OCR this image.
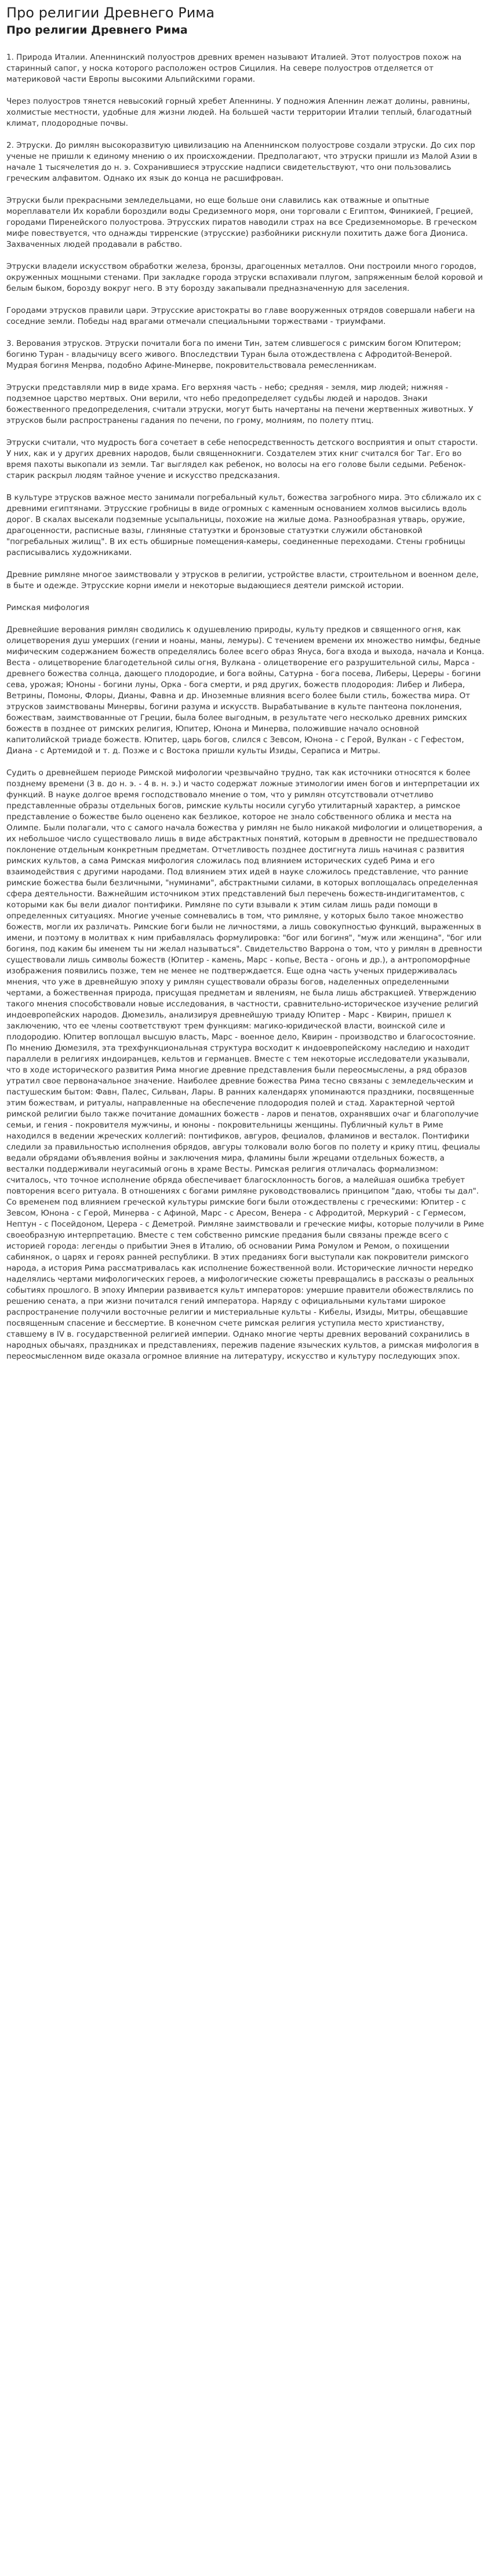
Про религии Древнего Рима
Про религии Древнего Рима

1. Природа Италии. Апеннинский полуостров древних времен называют Италией. Этот полуостров похож на старинный сапог, у носка которого расположен остров Сицилия. На севере полуостров отделяется от материковой части Европы высокими Альпийскими горами.

Через полуостров тянется невысокий горный хребет Апеннины. У подножия Апеннин лежат долины, равнины, холмистые местности, удобные для жизни людей. На большей части территории Италии теплый, благодатный климат, плодородные почвы.

2. Этруски. До римлян высокоразвитую цивилизацию на Апеннинском полуострове создали этруски. До сих пор ученые не пришли к единому мнению о их происхождении. Предполагают, что этруски пришли из Малой Азии в начале 1 тысячелетия до н. э. Сохранившиеся этрусские надписи свидетельствуют, что они пользовались греческим алфавитом. Однако их язык до конца не расшифрован.

Этруски были прекрасными земледельцами, но еще больше они славились как отважные и опытные мореплаватели Их корабли бороздили воды Средиземного моря, они торговали с Египтом, Финикией, Грецией, городами Пиренейского полуострова. Этрусских пиратов наводили страх на все Средиземноморье. В греческом мифе повествуется, что однажды тирренские (этрусские) разбойники рискнули похитить даже бога Диониса. Захваченных людей продавали в рабство.

Этруски владели искусством обработки железа, бронзы, драгоценных металлов. Они построили много городов, окруженных мощными стенами. При закладке города этруски вспахивали плугом, запряженным белой коровой и белым быком, борозду вокруг него. В эту борозду закапывали предназначенную для заселения.

Городами этрусков правили цари. Этрусские аристократы во главе вооруженных отрядов совершали набеги на соседние земли. Победы над врагами отмечали специальными торжествами - триумфами.

3. Верования этрусков. Этруски почитали бога по имени Тин, затем слившегося с римским богом Юпитером; богиню Туран - владычицу всего живого. Впоследствии Туран была отождествлена с Афродитой-Венерой. Мудрая богиня Менрва, подобно Афине-Минерве, покровительствовала ремесленникам.

Этруски представляли мир в виде храма. Его верхняя часть - небо; средняя - земля, мир людей; нижняя - подземное царство мертвых. Они верили, что небо предопределяет судьбы людей и народов. Знаки божественного предопределения, считали этруски, могут быть начертаны на печени жертвенных животных. У этрусков были распространены гадания по печени, по грому, молниям, по полету птиц.

Этруски считали, что мудрость бога сочетает в себе непосредственность детского восприятия и опыт старости. У них, как и у других древних народов, были священнокниги. Создателем этих книг считался бог Таг. Его во время пахоты выкопали из земли. Таг выглядел как ребенок, но волосы на его голове были седыми. Ребенок-старик раскрыл людям тайное учение и искусство предсказания.

В культуре этрусков важное место занимали погребальный культ, божества загробного мира. Это сближало их с древними египтянами. Этрусские гробницы в виде огромных с каменным основанием холмов высились вдоль дорог. В скалах высекали подземные усыпальницы, похожие на жилые дома. Разнообразная утварь, оружие, драгоценности, расписные вазы, глиняные статуэтки и бронзовые статуэтки служили обстановкой "погребальных жилищ". В их есть обширные помещения-камеры, соединенные переходами. Стены гробницы расписывались художниками.

Древние римляне многое заимствовали у этрусков в религии, устройстве власти, строительном и военном деле, в быте и одежде. Этрусские корни имели и некоторые выдающиеся деятели римской истории.

Римская мифология

Древнейшие верования римлян сводились к одушевлению природы, культу предков и священного огня, как олицетворения душ умерших (гении и ноаны, маны, лемуры). С течением времени их множество нимфы, бедные мифическим содержанием божеств определялись более всего образ Януса, бога входа и выхода, начала и Конца. Веста - олицетворение благодетельной силы огня, Вулкана - олицетворение его разрушительной силы, Марса - древнего божества солнца, дающего плодородие, и бога войны, Сатурна - бога посева, Либеры, Цереры - богини сева, урожая; Юноны - богини луны, Орка - бога смерти, и ряд других, божеств плодородия: Либер и Либера, Ветрины, Помоны, Флоры, Дианы, Фавна и др. Иноземные влияния всего более были стиль, божества мира. От этрусков заимствованы Минервы, богини разума и искусств. Вырабатывание в культе пантеона поклонения, божествам, заимствованные от Греции, была более выгодным, в результате чего несколько древних римских божеств в позднее от римских религия, Юпитер, Юнона и Минерва, положившие начало основной капитолийской триаде божеств. Юпитер, царь богов, слился с Зевсом, Юнона - с Герой, Вулкан - с Гефестом, Диана - с Артемидой и т. д. Позже и с Востока пришли культы Изиды, Сераписа и Митры.

Судить о древнейшем периоде Римской мифологии чрезвычайно трудно, так как источники относятся к более позднему времени (3 в. до н. э. - 4 в. н. э.) и часто содержат ложные этимологии имен богов и интерпретации их функций. В науке долгое время господствовало мнение о том, что у римлян отсутствовали отчетливо представленные образы отдельных богов, римские культы носили сугубо утилитарный характер, а римское представление о божестве было оценено как безликое, которое не знало собственного облика и места на Олимпе. Были полагали, что с самого начала божества у римлян не было никакой мифологии и олицетворения, а их небольшое число существовало лишь в виде абстрактных понятий, которым в древности не предшествовало поклонение отдельным конкретным предметам. Отчетливость позднее достигнута лишь начиная с развития римских культов, а сама Римская мифология сложилась под влиянием исторических судеб Рима и его взаимодействия с другими народами. Под влиянием этих идей в науке сложилось представление, что ранние римские божества были безличными, "нуминами", абстрактными силами, в которых воплощалась определенная сфера деятельности. Важнейшим источником этих представлений был перечень божеств-индигитаментов, с которыми как бы вели диалог понтифики. Римляне по сути взывали к этим силам лишь ради помощи в определенных ситуациях. Многие ученые сомневались в том, что римляне, у которых было такое множество божеств, могли их различать. Римские боги были не личностями, а лишь совокупностью функций, выраженных в имени, и поэтому в молитвах к ним прибавлялась формулировка: "бог или богиня", "муж или женщина", "бог или богиня, под каким бы именем ты ни желал называться". Свидетельство Варрона о том, что у римлян в древности существовали лишь символы божеств (Юпитер - камень, Марс - копье, Веста - огонь и др.), а антропоморфные изображения появились позже, тем не менее не подтверждается. Еще одна часть ученых придерживалась мнения, что уже в древнейшую эпоху у римлян существовали образы богов, наделенных определенными чертами, а божественная природа, присущая предметам и явлениям, не была лишь абстракцией. Утверждению такого мнения способствовали новые исследования, в частности, сравнительно-историческое изучение религий индоевропейских народов. Дюмезиль, анализируя древнейшую триаду Юпитер - Марс - Квирин, пришел к заключению, что ее члены соответствуют трем функциям: магико-юридической власти, воинской силе и плодородию. Юпитер воплощал высшую власть, Марс - военное дело, Квирин - производство и благосостояние. По мнению Дюмезиля, эта трехфункциональная структура восходит к индоевропейскому наследию и находит параллели в религиях индоиранцев, кельтов и германцев. Вместе с тем некоторые исследователи указывали, что в ходе исторического развития Рима многие древние представления были переосмыслены, а ряд образов утратил свое первоначальное значение. Наиболее древние божества Рима тесно связаны с земледельческим и пастушеским бытом: Фавн, Палес, Сильван, Лары. В ранних календарях упоминаются праздники, посвященные этим божествам, и ритуалы, направленные на обеспечение плодородия полей и стад. Характерной чертой римской религии было также почитание домашних божеств - ларов и пенатов, охранявших очаг и благополучие семьи, и гения - покровителя мужчины, и юноны - покровительницы женщины. Публичный культ в Риме находился в ведении жреческих коллегий: понтификов, авгуров, фециалов, фламинов и весталок. Понтифики следили за правильностью исполнения обрядов, авгуры толковали волю богов по полету и крику птиц, фециалы ведали обрядами объявления войны и заключения мира, фламины были жрецами отдельных божеств, а весталки поддерживали неугасимый огонь в храме Весты. Римская религия отличалась формализмом: считалось, что точное исполнение обряда обеспечивает благосклонность богов, а малейшая ошибка требует повторения всего ритуала. В отношениях с богами римляне руководствовались принципом "даю, чтобы ты дал". Со временем под влиянием греческой культуры римские боги были отождествлены с греческими: Юпитер - с Зевсом, Юнона - с Герой, Минерва - с Афиной, Марс - с Аресом, Венера - с Афродитой, Меркурий - с Гермесом, Нептун - с Посейдоном, Церера - с Деметрой. Римляне заимствовали и греческие мифы, которые получили в Риме своеобразную интерпретацию. Вместе с тем собственно римские предания были связаны прежде всего с историей города: легенды о прибытии Энея в Италию, об основании Рима Ромулом и Ремом, о похищении сабинянок, о царях и героях ранней республики. В этих преданиях боги выступали как покровители римского народа, а история Рима рассматривалась как исполнение божественной воли. Исторические личности нередко наделялись чертами мифологических героев, а мифологические сюжеты превращались в рассказы о реальных событиях прошлого. В эпоху Империи развивается культ императоров: умершие правители обожествлялись по решению сената, а при жизни почитался гений императора. Наряду с официальными культами широкое распространение получили восточные религии и мистериальные культы - Кибелы, Изиды, Митры, обещавшие посвященным спасение и бессмертие. В конечном счете римская религия уступила место христианству, ставшему в IV в. государственной религией империи. Однако многие черты древних верований сохранились в народных обычаях, праздниках и представлениях, пережив падение языческих культов, а римская мифология в переосмысленном виде оказала огромное влияние на литературу, искусство и культуру последующих эпох.
